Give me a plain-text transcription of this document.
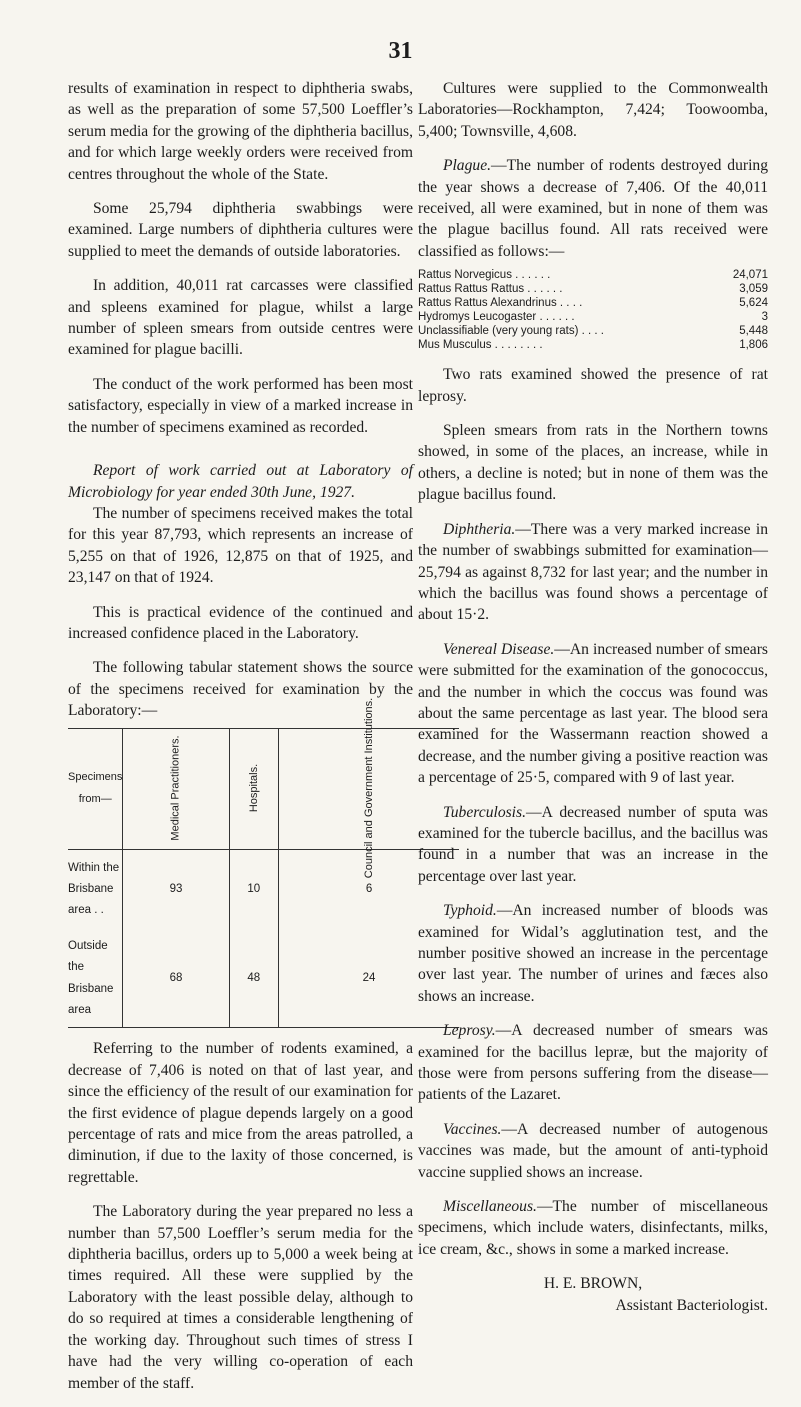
31

results of examination in respect to diphtheria swabs, as well as the preparation of some 57,500 Loeffler’s serum media for the growing of the diphtheria bacillus, and for which large weekly orders were received from centres throughout the whole of the State.

Some 25,794 diphtheria swabbings were examined. Large numbers of diphtheria cultures were supplied to meet the demands of outside laboratories.

In addition, 40,011 rat carcasses were classified and spleens examined for plague, whilst a large number of spleen smears from outside centres were examined for plague bacilli.

The conduct of the work performed has been most satisfactory, especially in view of a marked increase in the number of specimens examined as recorded.

Report of work carried out at Laboratory of Microbiology for year ended 30th June, 1927.

The number of specimens received makes the total for this year 87,793, which represents an increase of 5,255 on that of 1926, 12,875 on that of 1925, and 23,147 on that of 1924.

This is practical evidence of the continued and increased confidence placed in the Laboratory.

The following tabular statement shows the source of the specimens received for examination by the Laboratory:—

Specimens from—	Medical Practitioners.	Hospitals.	Council and Government Institutions.
Within the Brisbane area . .	93	10	6
Outside the Brisbane area	68	48	24

Referring to the number of rodents examined, a decrease of 7,406 is noted on that of last year, and since the efficiency of the result of our examination for the first evidence of plague depends largely on a good percentage of rats and mice from the areas patrolled, a diminution, if due to the laxity of those concerned, is regrettable.

The Laboratory during the year prepared no less a number than 57,500 Loeffler’s serum media for the diphtheria bacillus, orders up to 5,000 a week being at times required. All these were supplied by the Laboratory with the least possible delay, although to do so required at times a considerable lengthening of the working day. Throughout such times of stress I have had the very willing co-operation of each member of the staff.

Cultures were supplied to the Commonwealth Laboratories—Rockhampton, 7,424; Toowoomba, 5,400; Townsville, 4,608.

Plague.—The number of rodents destroyed during the year shows a decrease of 7,406. Of the 40,011 received, all were examined, but in none of them was the plague bacillus found. All rats received were classified as follows:—

Rattus Norvegicus . . . . . .	24,071
Rattus Rattus Rattus . . . . . .	3,059
Rattus Rattus Alexandrinus . . . .	5,624
Hydromys Leucogaster . . . . . .	3
Unclassifiable (very young rats) . . . .	5,448
Mus Musculus . . . . . . . .	1,806

Two rats examined showed the presence of rat leprosy.

Spleen smears from rats in the Northern towns showed, in some of the places, an increase, while in others, a decline is noted; but in none of them was the plague bacillus found.

Diphtheria.—There was a very marked increase in the number of swabbings submitted for examination—25,794 as against 8,732 for last year; and the number in which the bacillus was found shows a percentage of about 15·2.

Venereal Disease.—An increased number of smears were submitted for the examination of the gonococcus, and the number in which the coccus was found was about the same percentage as last year. The blood sera examined for the Wassermann reaction showed a decrease, and the number giving a positive reaction was a percentage of 25·5, compared with 9 of last year.

Tuberculosis.—A decreased number of sputa was examined for the tubercle bacillus, and the bacillus was found in a number that was an increase in the percentage over last year.

Typhoid.—An increased number of bloods was examined for Widal’s agglutination test, and the number positive showed an increase in the percentage over last year. The number of urines and fæces also shows an increase.

Leprosy.—A decreased number of smears was examined for the bacillus lepræ, but the majority of those were from persons suffering from the disease—patients of the Lazaret.

Vaccines.—A decreased number of autogenous vaccines was made, but the amount of anti-typhoid vaccine supplied shows an increase.

Miscellaneous.—The number of miscellaneous specimens, which include waters, disinfectants, milks, ice cream, &c., shows in some a marked increase.

H. E. BROWN,

Assistant Bacteriologist.
